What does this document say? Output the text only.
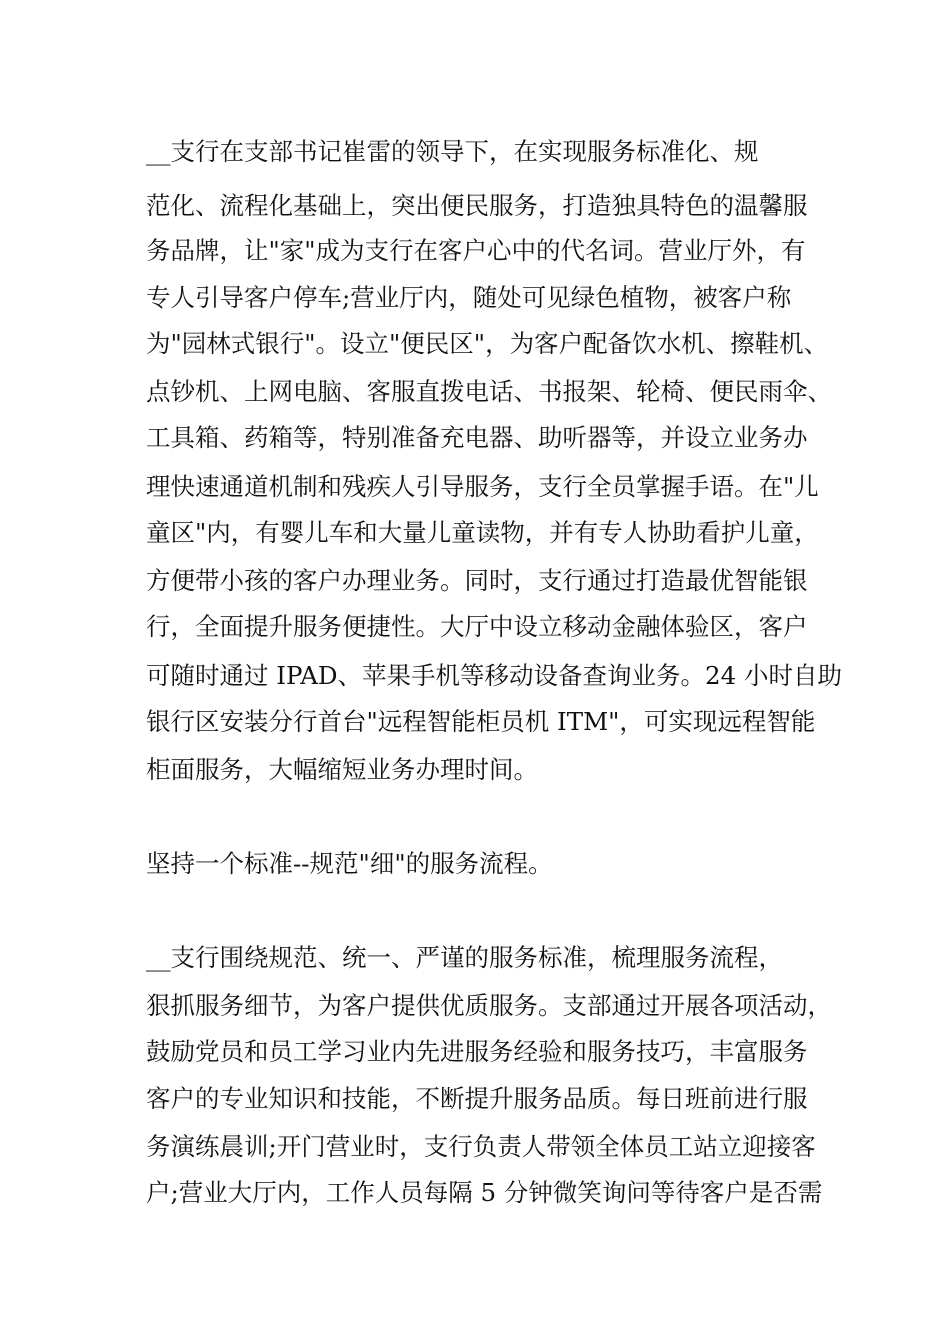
__支行在支部书记崔雷的领导下，在实现服务标准化、规
范化、流程化基础上，突出便民服务，打造独具特色的温馨服
务品牌，让"家"成为支行在客户心中的代名词。营业厅外，有
专人引导客户停车;营业厅内，随处可见绿色植物，被客户称
为"园林式银行"。设立"便民区"，为客户配备饮水机、擦鞋机、
点钞机、上网电脑、客服直拨电话、书报架、轮椅、便民雨伞、
工具箱、药箱等，特别准备充电器、助听器等，并设立业务办
理快速通道机制和残疾人引导服务，支行全员掌握手语。在"儿
童区"内，有婴儿车和大量儿童读物，并有专人协助看护儿童，
方便带小孩的客户办理业务。同时，支行通过打造最优智能银
行，全面提升服务便捷性。大厅中设立移动金融体验区，客户
可随时通过 IPAD、苹果手机等移动设备查询业务。24 小时自助
银行区安装分行首台"远程智能柜员机 ITM"，可实现远程智能
柜面服务，大幅缩短业务办理时间。
坚持一个标准--规范"细"的服务流程。
__支行围绕规范、统一、严谨的服务标准，梳理服务流程，
狠抓服务细节，为客户提供优质服务。支部通过开展各项活动，
鼓励党员和员工学习业内先进服务经验和服务技巧，丰富服务
客户的专业知识和技能，不断提升服务品质。每日班前进行服
务演练晨训;开门营业时，支行负责人带领全体员工站立迎接客
户;营业大厅内，工作人员每隔 5 分钟微笑询问等待客户是否需
